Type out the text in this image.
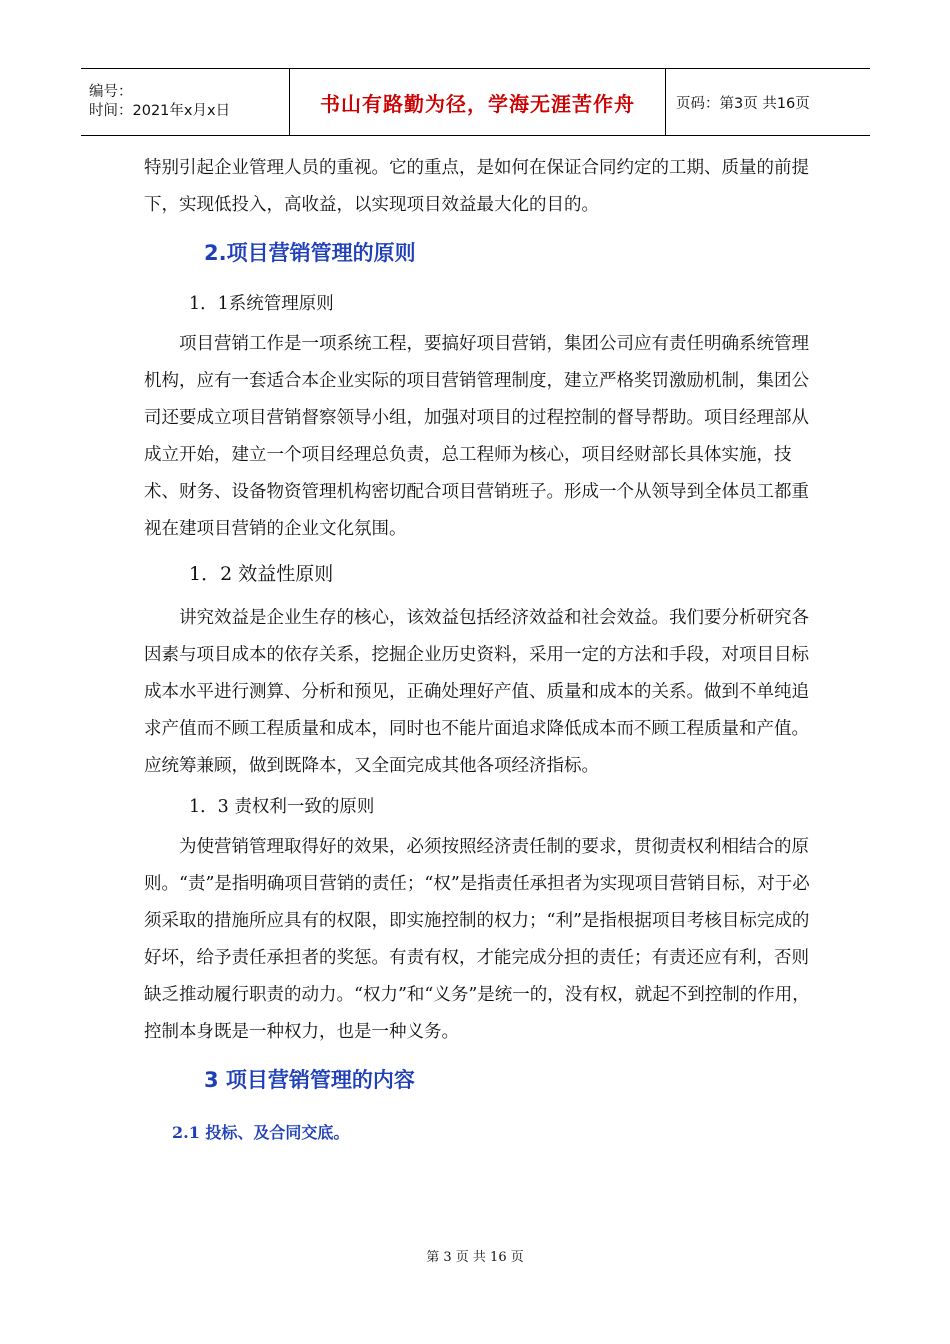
编号：
时间：2021年x月x日	书山有路勤为径，学海无涯苦作舟	页码：第3页 共16页

特别引起企业管理人员的重视。它的重点，是如何在保证合同约定的工期、质量的前提下，实现低投入，高收益，以实现项目效益最大化的目的。

2.项目营销管理的原则

1．1系统管理原则

项目营销工作是一项系统工程，要搞好项目营销，集团公司应有责任明确系统管理机构，应有一套适合本企业实际的项目营销管理制度，建立严格奖罚激励机制，集团公司还要成立项目营销督察领导小组，加强对项目的过程控制的督导帮助。项目经理部从成立开始，建立一个项目经理总负责，总工程师为核心，项目经财部长具体实施，技术、财务、设备物资管理机构密切配合项目营销班子。形成一个从领导到全体员工都重视在建项目营销的企业文化氛围。

1．2 效益性原则

讲究效益是企业生存的核心，该效益包括经济效益和社会效益。我们要分析研究各因素与项目成本的依存关系，挖掘企业历史资料，采用一定的方法和手段，对项目目标成本水平进行测算、分析和预见，正确处理好产值、质量和成本的关系。做到不单纯追求产值而不顾工程质量和成本，同时也不能片面追求降低成本而不顾工程质量和产值。应统筹兼顾，做到既降本，又全面完成其他各项经济指标。

1．3 责权利一致的原则

为使营销管理取得好的效果，必须按照经济责任制的要求，贯彻责权利相结合的原则。“责”是指明确项目营销的责任；“权”是指责任承担者为实现项目营销目标，对于必须采取的措施所应具有的权限，即实施控制的权力；“利”是指根据项目考核目标完成的好坏，给予责任承担者的奖惩。有责有权，才能完成分担的责任；有责还应有利，否则缺乏推动履行职责的动力。“权力”和“义务”是统一的，没有权，就起不到控制的作用，控制本身既是一种权力，也是一种义务。

3 项目营销管理的内容

2.1 投标、及合同交底。

第 3 页 共 16 页
